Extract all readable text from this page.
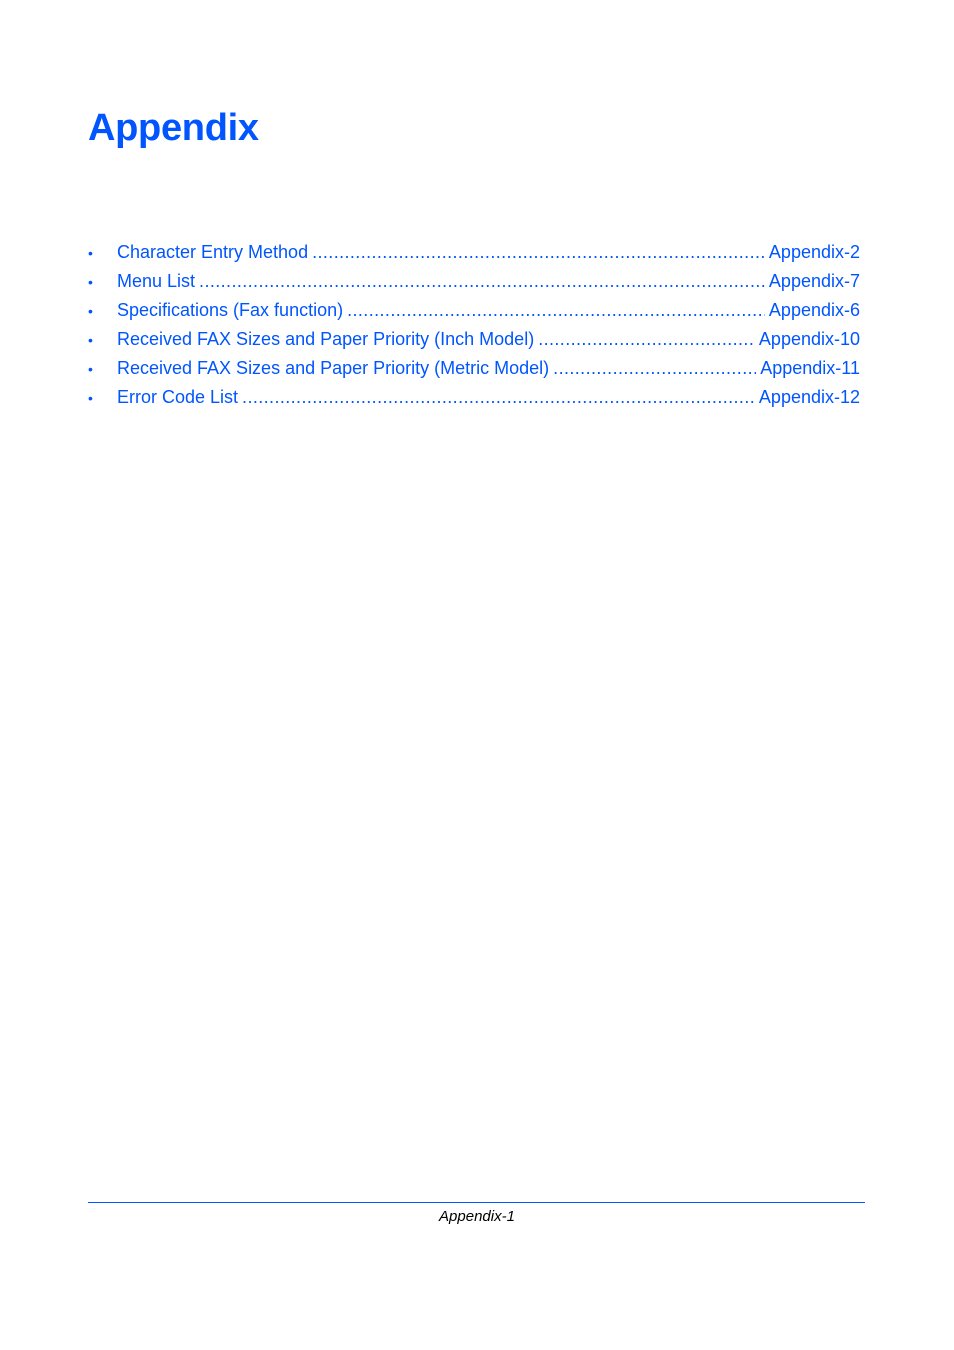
Appendix
•	Character Entry Method .....	Appendix-2
•	Menu List .....	Appendix-7
•	Specifications (Fax function) .....	Appendix-6
•	Received FAX Sizes and Paper Priority (Inch Model) .....	Appendix-10
•	Received FAX Sizes and Paper Priority (Metric Model) .....	Appendix-11
•	Error Code List .....	Appendix-12
Appendix-1
